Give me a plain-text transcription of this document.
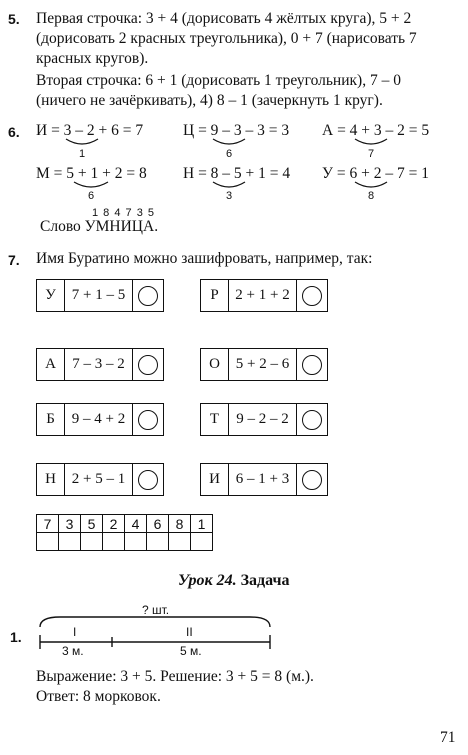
5. Первая строчка: 3 + 4 (дорисовать 4 жёлтых круга), 5 + 2
(дорисовать 2 красных треугольника), 0 + 7 (нарисовать 7
красных кругов).
Вторая строчка: 6 + 1 (дорисовать 1 треугольник), 7 – 0
(ничего не зачёркивать), 4) 8 – 1 (зачеркнуть 1 круг).
6. И = 3 – 2 + 6 = 7
1
Ц = 9 – 3 – 3 = 3
6
А = 4 + 3 – 2 = 5
7
М = 5 + 1 + 2 = 8
6
Н = 8 – 5 + 1 = 4
3
У = 6 + 2 – 7 = 1
8
1 8 4 7 3 5
Слово УМНИЦА.
7. Имя Буратино можно зашифровать, например, так:
У	7 + 1 – 5	Р	2 + 1 + 2
А	7 – 3 – 2	О	5 + 2 – 6
Б	9 – 4 + 2	Т	9 – 2 – 2
Н	2 + 5 – 1	И	6 – 1 + 3
7	3	5	2	4	6	8	1

Урок 24. Задача
1.
? шт.
I	II
3 м.	5 м.
Выражение: 3 + 5. Решение: 3 + 5 = 8 (м.).
Ответ: 8 морковок.
71
